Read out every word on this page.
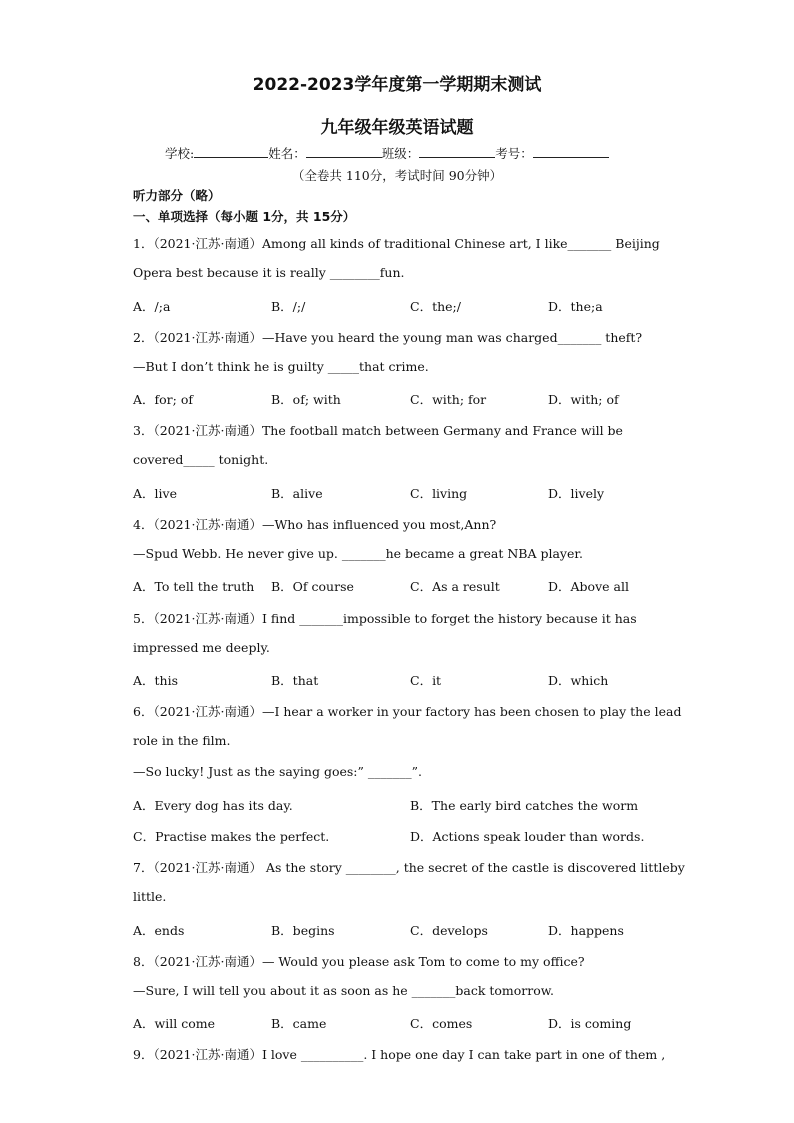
2022-2023学年度第一学期期末测试
九年级年级英语试题
学校:	姓名：	班级：	考号：
（全卷共 110分，考试时间 90分钟）
听力部分（略）
一、单项选择（每小题 1分，共 15分）
1．（2021·江苏·南通）Among all kinds of traditional Chinese art, I like_______ Beijing
Opera best because it is really ________fun.
A．/;a	B．/;/	C．the;/	D．the;a
2．（2021·江苏·南通）—Have you heard the young man was charged_______ theft?
—But I don’t think he is guilty _____that crime.
A．for; of	B．of; with	C．with; for	D．with; of
3．（2021·江苏·南通）The football match between Germany and France will be
covered_____ tonight.
A．live	B．alive	C．living	D．lively
4．（2021·江苏·南通）—Who has influenced you most,Ann?
—Spud Webb. He never give up. _______he became a great NBA player.
A．To tell the truth B．Of course	C．As a result	D．Above all
5．（2021·江苏·南通）I find _______impossible to forget the history because it has
impressed me deeply.
A．this	B．that	C．it	D．which
6．（2021·江苏·南通）—I hear a worker in your factory has been chosen to play the lead
role in the film.
—So lucky! Just as the saying goes:” _______”.
A．Every dog has its day.	B．The early bird catches the worm
C．Practise makes the perfect.	D．Actions speak louder than words.
7．（2021·江苏·南通） As the story ________, the secret of the castle is discovered littleby
little.
A．ends	B．begins	C．develops	D．happens
8．（2021·江苏·南通）— Would you please ask Tom to come to my office?
—Sure, I will tell you about it as soon as he _______back tomorrow.
A．will come	B．came	C．comes	D．is coming
9．（2021·江苏·南通）I love __________. I hope one day I can take part in one of them ,
